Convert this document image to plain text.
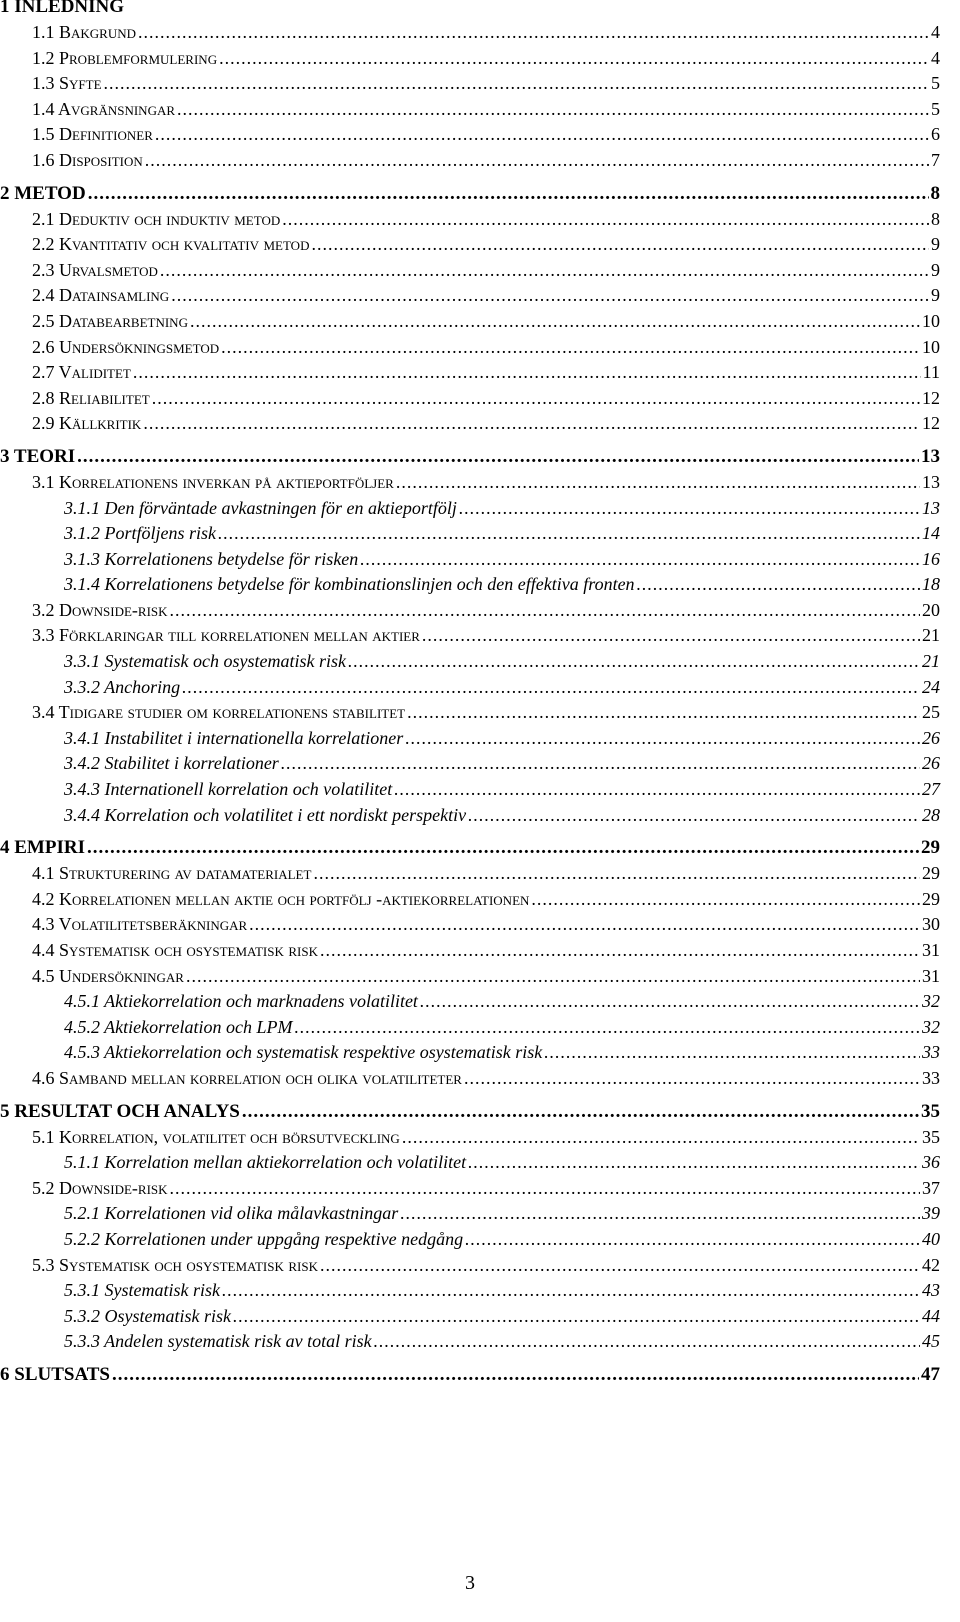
1 INLEDNING
1.1 Bakgrund .....	4
1.2 Problemformulering .....	4
1.3 Syfte .....	5
1.4 Avgränsningar .....	5
1.5 Definitioner .....	6
1.6 Disposition .....	7
2 METOD .....	8
2.1 Deduktiv och induktiv metod .....	8
2.2 Kvantitativ och kvalitativ metod .....	9
2.3 Urvalsmetod .....	9
2.4 Datainsamling .....	9
2.5 Databearbetning .....	10
2.6 Undersökningsmetod .....	10
2.7 Validitet .....	11
2.8 Reliabilitet .....	12
2.9 Källkritik .....	12
3 TEORI .....	13
3.1 Korrelationens inverkan på aktieportföljer .....	13
3.1.1 Den förväntade avkastningen för en aktieportfölj .....	13
3.1.2 Portföljens risk .....	14
3.1.3 Korrelationens betydelse för risken .....	16
3.1.4 Korrelationens betydelse för kombinationslinjen och den effektiva fronten .....	18
3.2 Downside-risk .....	20
3.3 Förklaringar till korrelationen mellan aktier .....	21
3.3.1 Systematisk och osystematisk risk .....	21
3.3.2 Anchoring .....	24
3.4 Tidigare studier om korrelationens stabilitet .....	25
3.4.1 Instabilitet i internationella korrelationer .....	26
3.4.2 Stabilitet i korrelationer .....	26
3.4.3 Internationell korrelation och volatilitet .....	27
3.4.4 Korrelation och volatilitet i ett nordiskt perspektiv .....	28
4 EMPIRI .....	29
4.1 Strukturering av datamaterialet .....	29
4.2 Korrelationen mellan aktie och portfölj -aktiekorrelationen .....	29
4.3 Volatilitetsberäkningar .....	30
4.4 Systematisk och osystematisk risk .....	31
4.5 Undersökningar .....	31
4.5.1 Aktiekorrelation och marknadens volatilitet .....	32
4.5.2 Aktiekorrelation och LPM .....	32
4.5.3 Aktiekorrelation och systematisk respektive osystematisk risk .....	33
4.6 Samband mellan korrelation och olika volatiliteter .....	33
5 RESULTAT OCH ANALYS .....	35
5.1 Korrelation, volatilitet och börsutveckling .....	35
5.1.1 Korrelation mellan aktiekorrelation och volatilitet .....	36
5.2 Downside-risk .....	37
5.2.1 Korrelationen vid olika målavkastningar .....	39
5.2.2 Korrelationen under uppgång respektive nedgång .....	40
5.3 Systematisk och osystematisk risk .....	42
5.3.1 Systematisk risk .....	43
5.3.2 Osystematisk risk .....	44
5.3.3 Andelen systematisk risk av total risk .....	45
6 SLUTSATS .....	47
3
